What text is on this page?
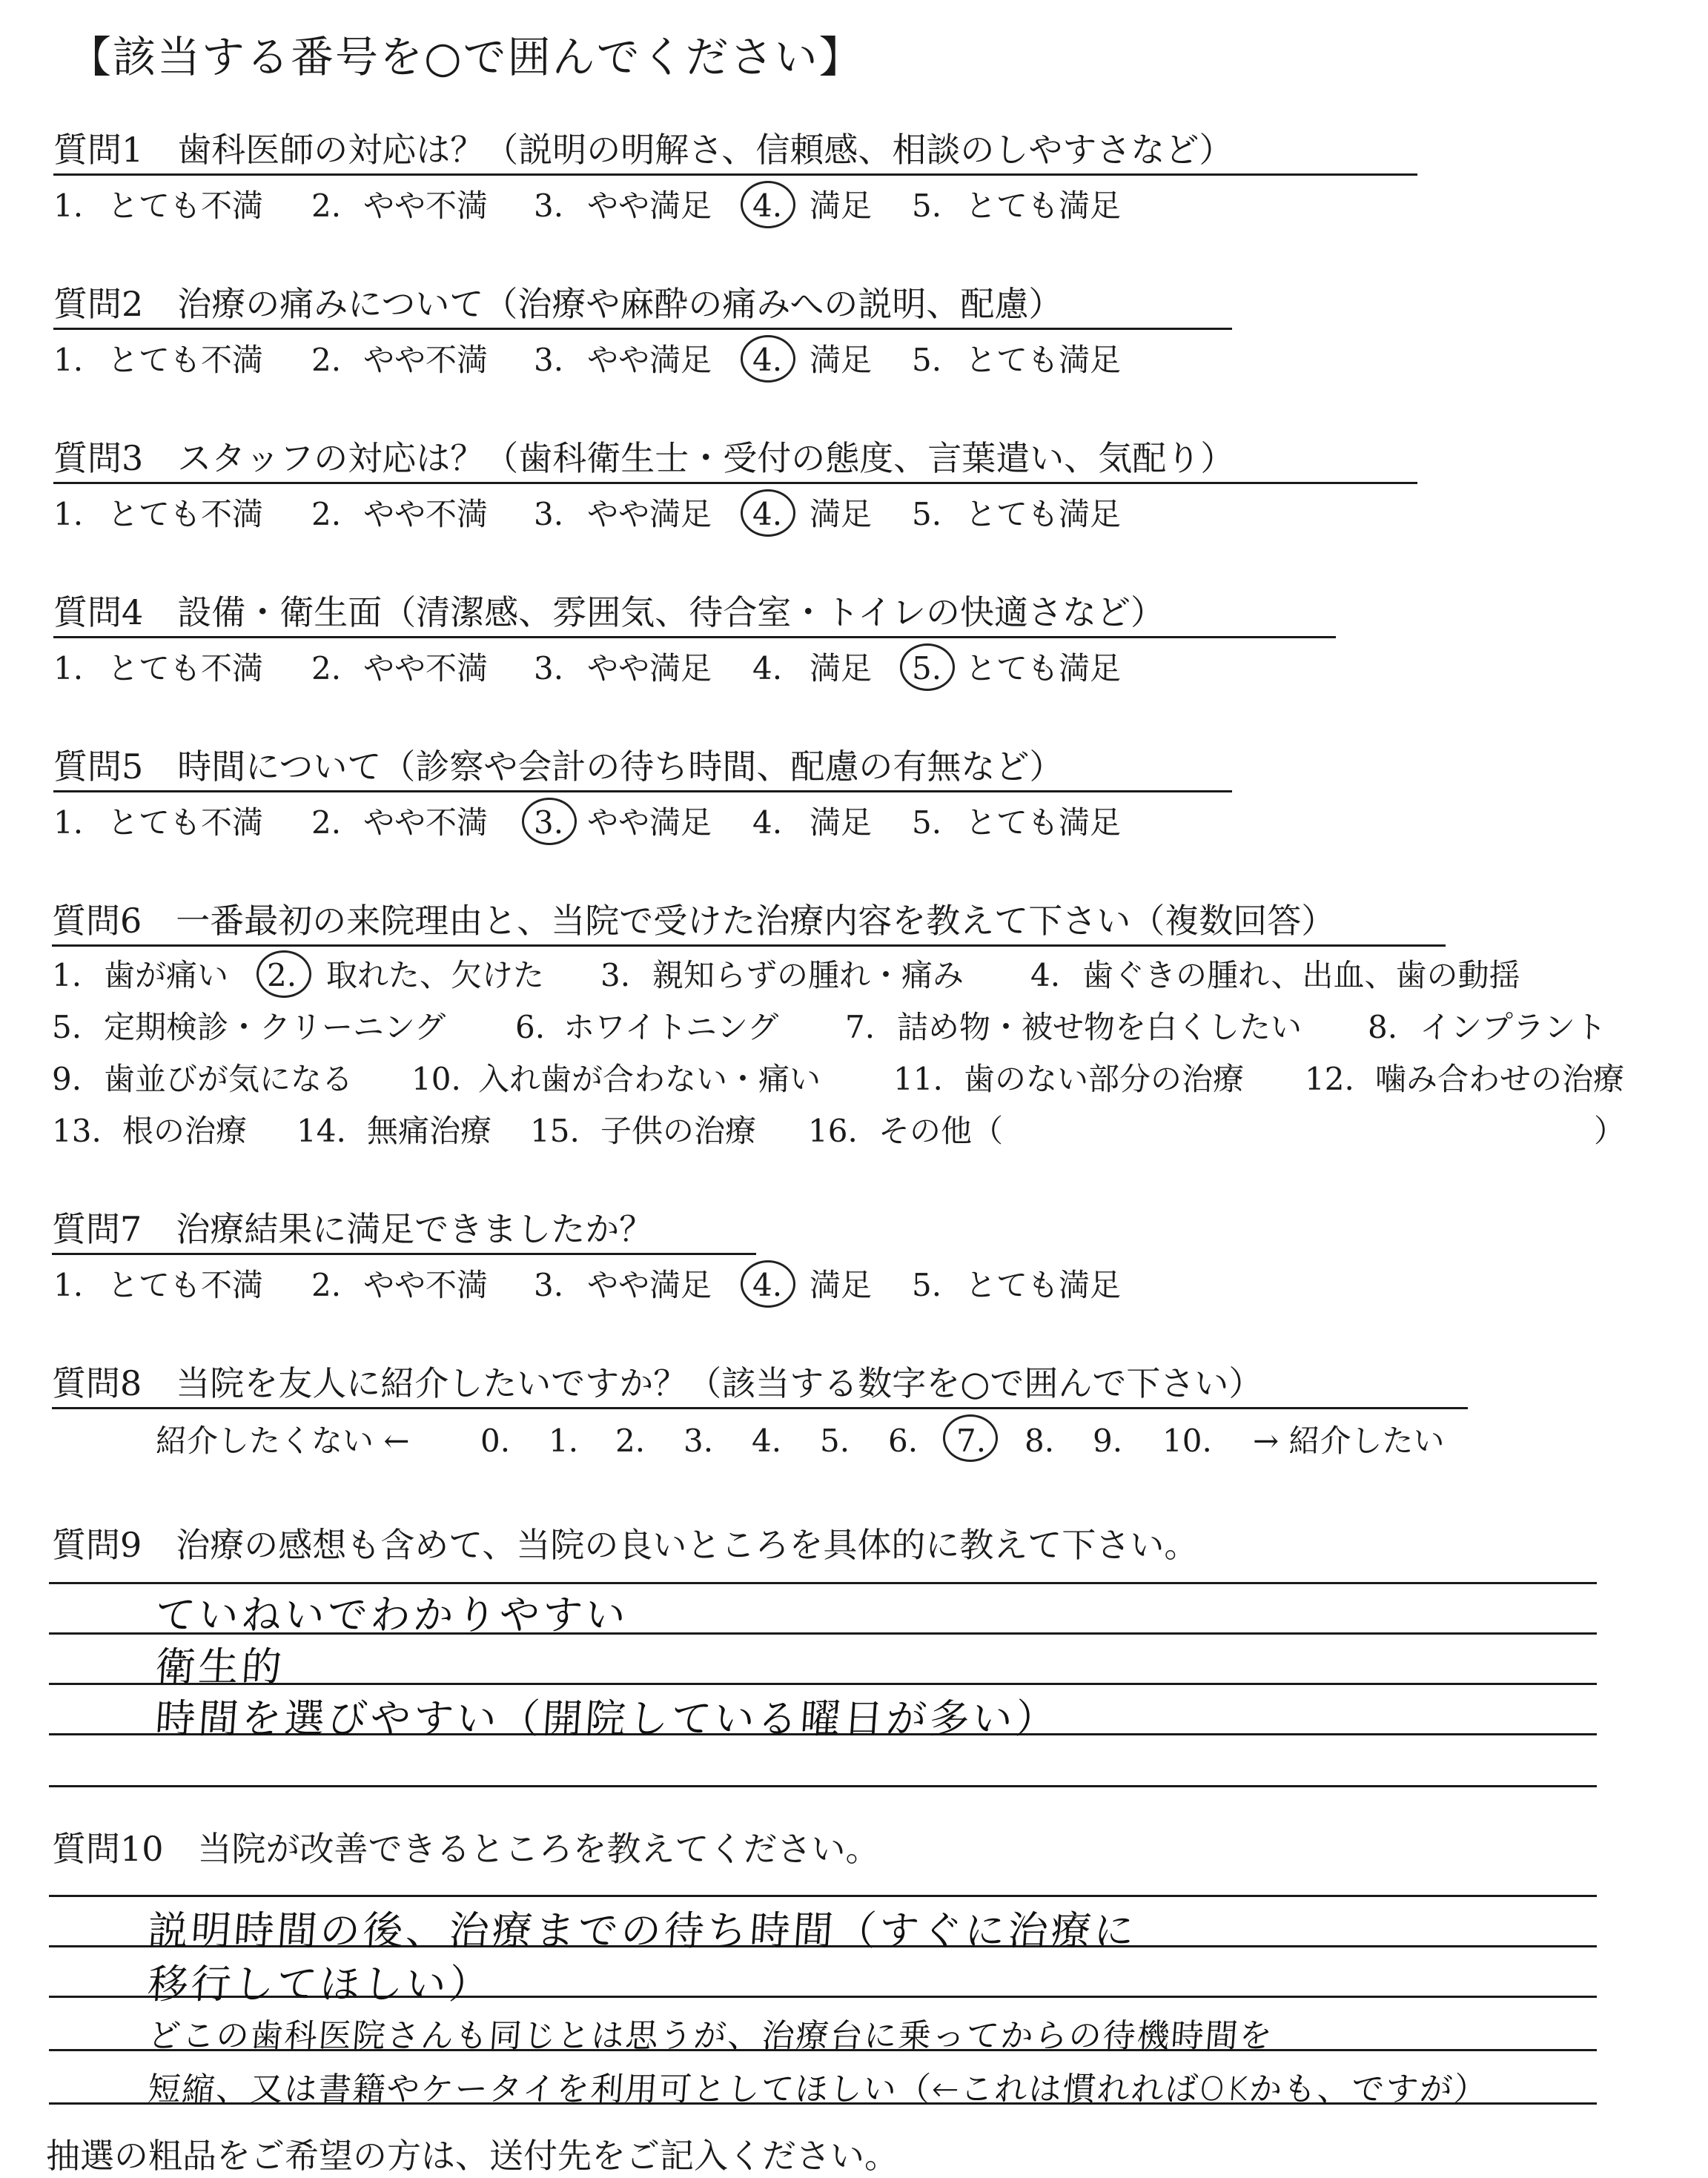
【該当する番号を○で囲んでください】
質問1　歯科医師の対応は？（説明の明解さ、信頼感、相談のしやすさなど）
1. とても不満 2. やや不満 3. やや満足 4. 満足 5. とても満足
質問2　治療の痛みについて（治療や麻酔の痛みへの説明、配慮）
1. とても不満 2. やや不満 3. やや満足 4. 満足 5. とても満足
質問3　スタッフの対応は？（歯科衛生士・受付の態度、言葉遣い、気配り）
1. とても不満 2. やや不満 3. やや満足 4. 満足 5. とても満足
質問4　設備・衛生面（清潔感、雰囲気、待合室・トイレの快適さなど）
1. とても不満 2. やや不満 3. やや満足 4. 満足 5. とても満足
質問5　時間について（診察や会計の待ち時間、配慮の有無など）
1. とても不満 2. やや不満 3. やや満足 4. 満足 5. とても満足
質問6　一番最初の来院理由と、当院で受けた治療内容を教えて下さい（複数回答）
1. 歯が痛い 2. 取れた、欠けた 3. 親知らずの腫れ・痛み 4. 歯ぐきの腫れ、出血、歯の動揺
5. 定期検診・クリーニング 6. ホワイトニング 7. 詰め物・被せ物を白くしたい 8. インプラント
9. 歯並びが気になる 10. 入れ歯が合わない・痛い 11. 歯のない部分の治療 12. 噛み合わせの治療
13. 根の治療 14. 無痛治療 15. 子供の治療 16. その他（	）
質問7　治療結果に満足できましたか？
1. とても不満 2. やや不満 3. やや満足 4. 満足 5. とても満足
質問8　当院を友人に紹介したいですか？（該当する数字を○で囲んで下さい）
紹介したくない ← 0. 1. 2. 3. 4. 5. 6. 7. 8. 9. 10. → 紹介したい
質問9　治療の感想も含めて、当院の良いところを具体的に教えて下さい。
ていねいでわかりやすい
衛生的
時間を選びやすい（開院している曜日が多い）
質問10　当院が改善できるところを教えてください。
説明時間の後、治療までの待ち時間（すぐに治療に
移行してほしい）
どこの歯科医院さんも同じとは思うが、治療台に乗ってからの待機時間を
短縮、又は書籍やケータイを利用可としてほしい（←これは慣れればOKかも、ですが）
抽選の粗品をご希望の方は、送付先をご記入ください。
